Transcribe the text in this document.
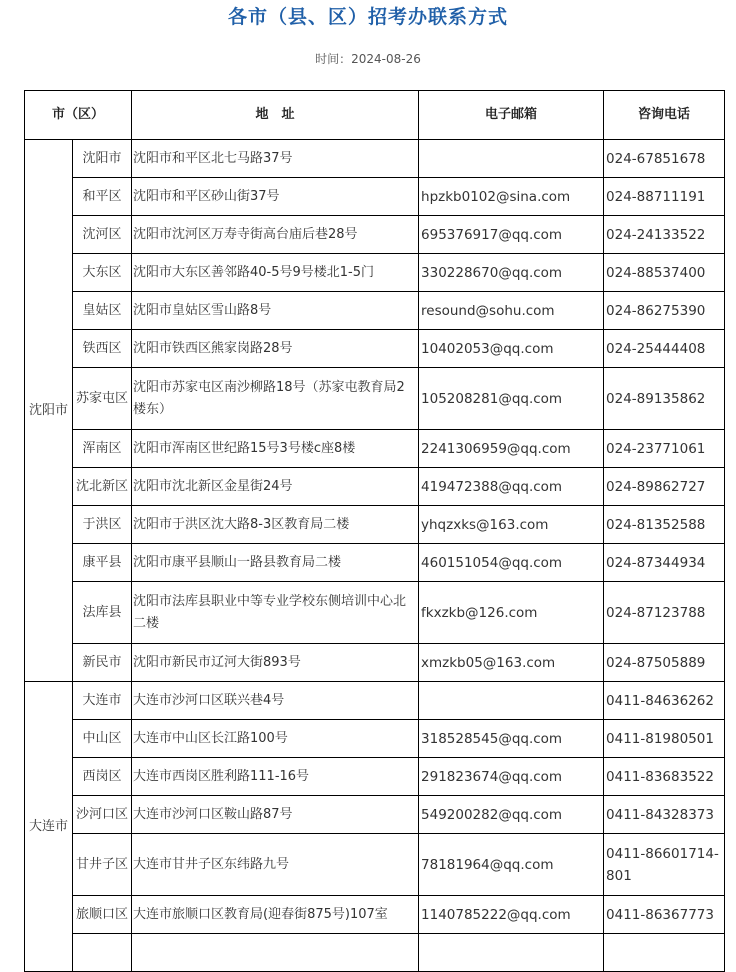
各市（县、区）招考办联系方式
时间：2024-08-26
市（区）		地　址	电子邮箱	咨询电话
沈阳市	沈阳市	沈阳市和平区北七马路37号		024-67851678
	和平区	沈阳市和平区砂山街37号	hpzkb0102@sina.com	024-88711191
	沈河区	沈阳市沈河区万寿寺街高台庙后巷28号	695376917@qq.com	024-24133522
	大东区	沈阳市大东区善邻路40-5号9号楼北1-5门	330228670@qq.com	024-88537400
	皇姑区	沈阳市皇姑区雪山路8号	resound@sohu.com	024-86275390
	铁西区	沈阳市铁西区熊家岗路28号	10402053@qq.com	024-25444408
	苏家屯区	沈阳市苏家屯区南沙柳路18号（苏家屯教育局2楼东）	105208281@qq.com	024-89135862
	浑南区	沈阳市浑南区世纪路15号3号楼c座8楼	2241306959@qq.com	024-23771061
	沈北新区	沈阳市沈北新区金星街24号	419472388@qq.com	024-89862727
	于洪区	沈阳市于洪区沈大路8-3区教育局二楼	yhqzxks@163.com	024-81352588
	康平县	沈阳市康平县顺山一路县教育局二楼	460151054@qq.com	024-87344934
	法库县	沈阳市法库县职业中等专业学校东侧培训中心北二楼	fkxzkb@126.com	024-87123788
	新民市	沈阳市新民市辽河大街893号	xmzkb05@163.com	024-87505889
大连市	大连市	大连市沙河口区联兴巷4号		0411-84636262
	中山区	大连市中山区长江路100号	318528545@qq.com	0411-81980501
	西岗区	大连市西岗区胜利路111-16号	291823674@qq.com	0411-83683522
	沙河口区	大连市沙河口区鞍山路87号	549200282@qq.com	0411-84328373
	甘井子区	大连市甘井子区东纬路九号	78181964@qq.com	0411-86601714-801
	旅顺口区	大连市旅顺口区教育局(迎春街875号)107室	1140785222@qq.com	0411-86367773
